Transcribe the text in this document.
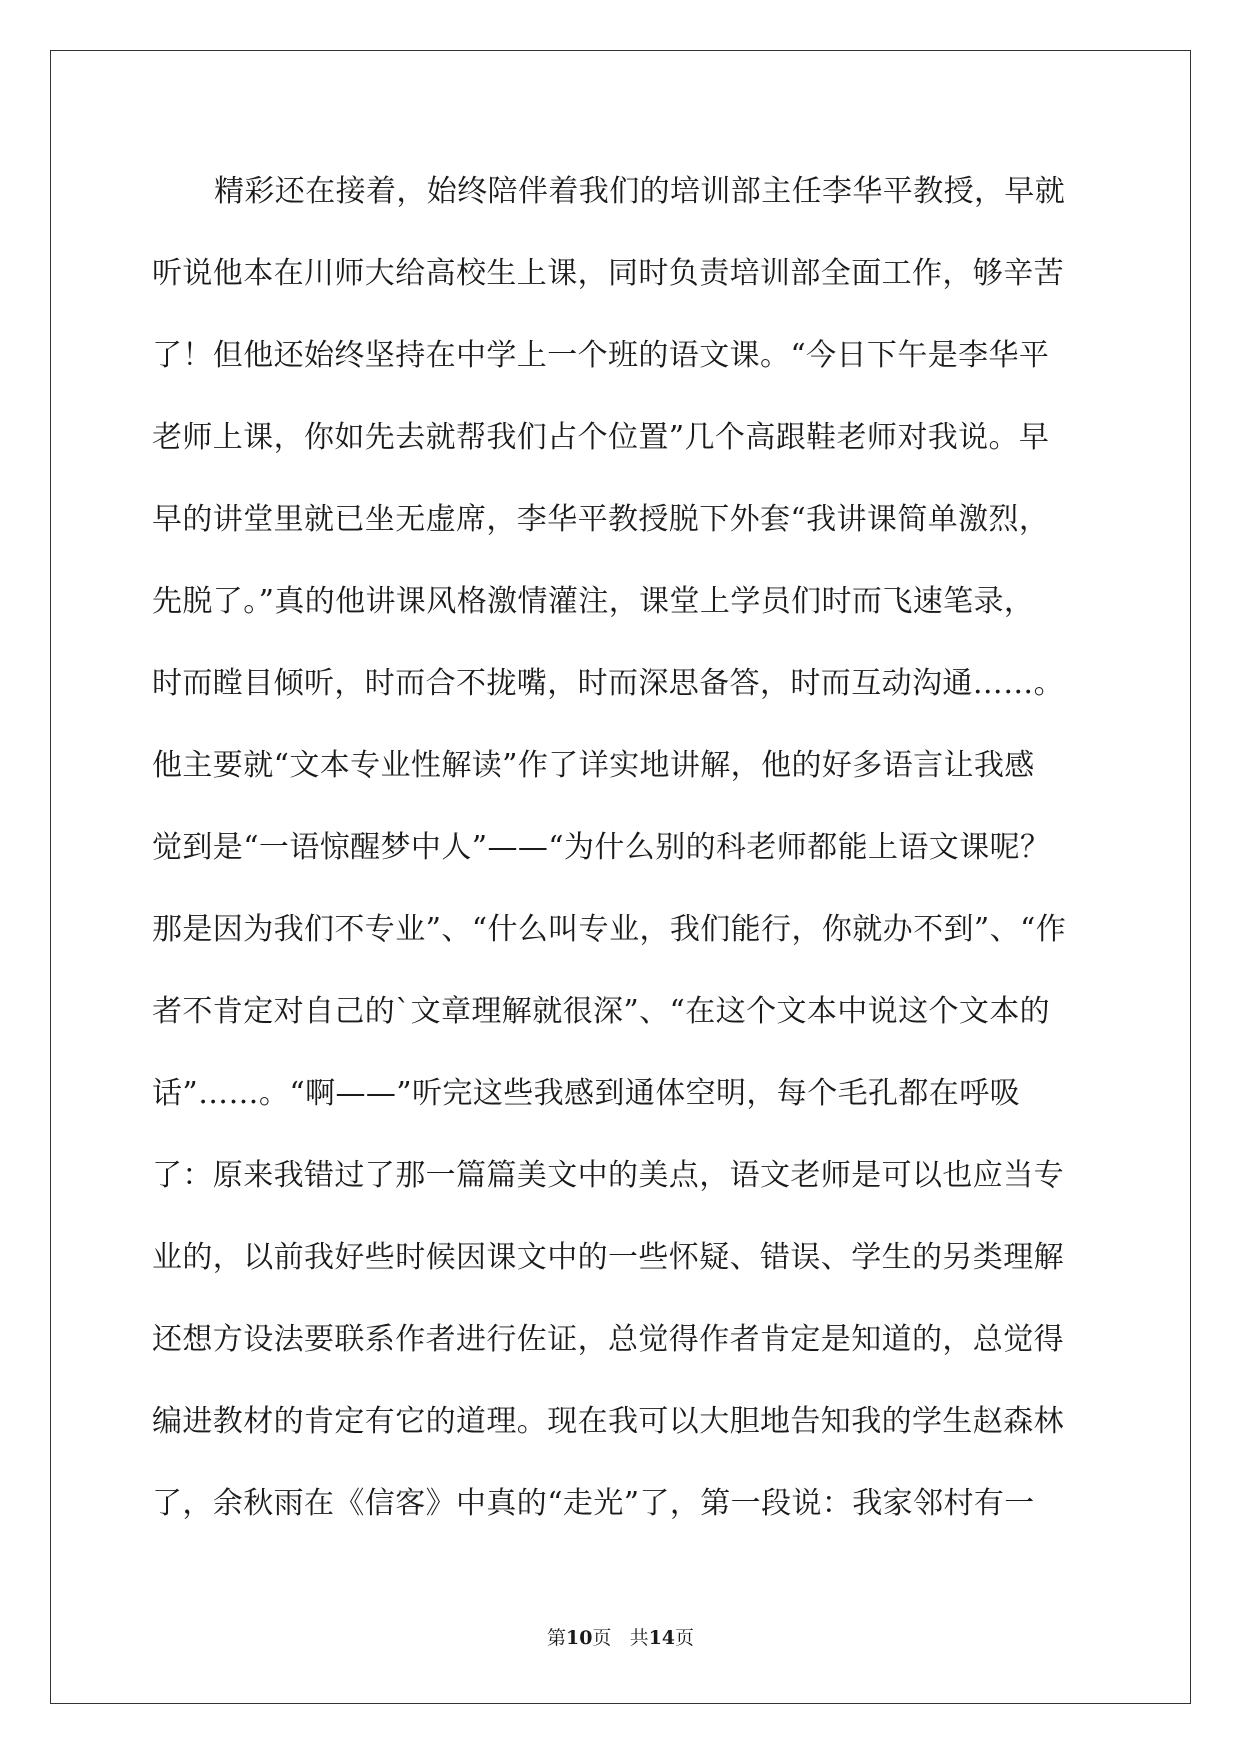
精彩还在接着，始终陪伴着我们的培训部主任李华平教授，早就
听说他本在川师大给高校生上课，同时负责培训部全面工作，够辛苦
了！但他还始终坚持在中学上一个班的语文课。“今日下午是李华平
老师上课，你如先去就帮我们占个位置”几个高跟鞋老师对我说。早
早的讲堂里就已坐无虚席，李华平教授脱下外套“我讲课简单激烈，
先脱了。”真的他讲课风格激情灌注，课堂上学员们时而飞速笔录，
时而瞠目倾听，时而合不拢嘴，时而深思备答，时而互动沟通……。
他主要就“文本专业性解读”作了详实地讲解，他的好多语言让我感
觉到是“一语惊醒梦中人”——“为什么别的科老师都能上语文课呢？
那是因为我们不专业”、“什么叫专业，我们能行，你就办不到”、“作
者不肯定对自己的`文章理解就很深”、“在这个文本中说这个文本的
话”……。“啊——”听完这些我感到通体空明，每个毛孔都在呼吸
了：原来我错过了那一篇篇美文中的美点，语文老师是可以也应当专
业的，以前我好些时候因课文中的一些怀疑、错误、学生的另类理解
还想方设法要联系作者进行佐证，总觉得作者肯定是知道的，总觉得
编进教材的肯定有它的道理。现在我可以大胆地告知我的学生赵森林
了，余秋雨在《信客》中真的“走光”了，第一段说：我家邻村有一
第10页 共14页
